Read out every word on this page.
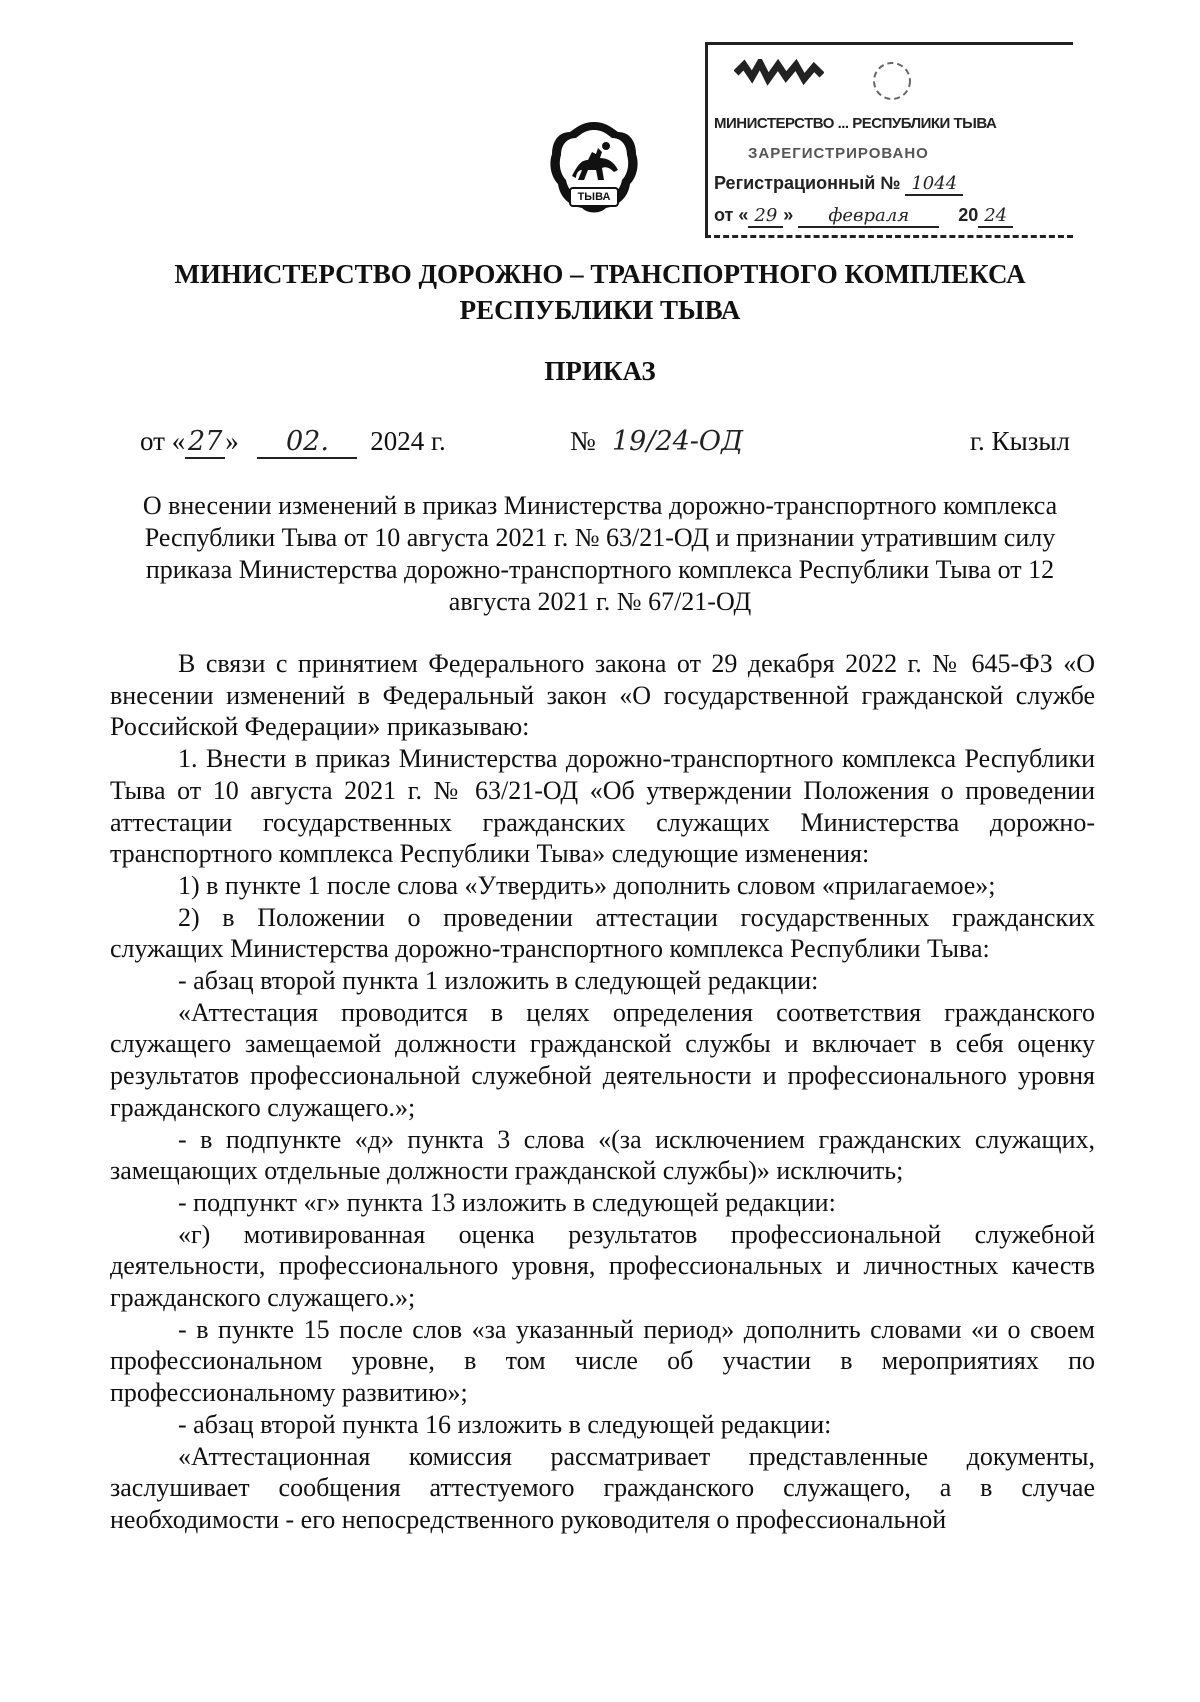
ТЫВА
МИНИСТЕРСТВО ... РЕСПУБЛИКИ ТЫВА
ЗАРЕГИСТРИРОВАНО
Регистрационный № 1044
от « 29 » февраля	20 24
МИНИСТЕРСТВО ДОРОЖНО – ТРАНСПОРТНОГО КОМПЛЕКСА
РЕСПУБЛИКИ ТЫВА
ПРИКАЗ
от « 27 » 02. 2024 г.	№ 19/24-ОД	г. Кызыл
О внесении изменений в приказ Министерства дорожно-транспортного комплекса Республики Тыва от 10 августа 2021 г. № 63/21-ОД и признании утратившим силу приказа Министерства дорожно-транспортного комплекса Республики Тыва от 12 августа 2021 г. № 67/21-ОД

В связи с принятием Федерального закона от 29 декабря 2022 г. № 645-ФЗ «О внесении изменений в Федеральный закон «О государственной гражданской службе Российской Федерации» приказываю:

1. Внести в приказ Министерства дорожно-транспортного комплекса Республики Тыва от 10 августа 2021 г. № 63/21-ОД «Об утверждении Положения о проведении аттестации государственных гражданских служащих Министерства дорожно-транспортного комплекса Республики Тыва» следующие изменения:

1) в пункте 1 после слова «Утвердить» дополнить словом «прилагаемое»;

2) в Положении о проведении аттестации государственных гражданских служащих Министерства дорожно-транспортного комплекса Республики Тыва:

- абзац второй пункта 1 изложить в следующей редакции:

«Аттестация проводится в целях определения соответствия гражданского служащего замещаемой должности гражданской службы и включает в себя оценку результатов профессиональной служебной деятельности и профессионального уровня гражданского служащего.»;

- в подпункте «д» пункта 3 слова «(за исключением гражданских служащих, замещающих отдельные должности гражданской службы)» исключить;

- подпункт «г» пункта 13 изложить в следующей редакции:

«г) мотивированная оценка результатов профессиональной служебной деятельности, профессионального уровня, профессиональных и личностных качеств гражданского служащего.»;

- в пункте 15 после слов «за указанный период» дополнить словами «и о своем профессиональном уровне, в том числе об участии в мероприятиях по профессиональному развитию»;

- абзац второй пункта 16 изложить в следующей редакции:

«Аттестационная комиссия рассматривает представленные документы, заслушивает сообщения аттестуемого гражданского служащего, а в случае необходимости - его непосредственного руководителя о профессиональной
